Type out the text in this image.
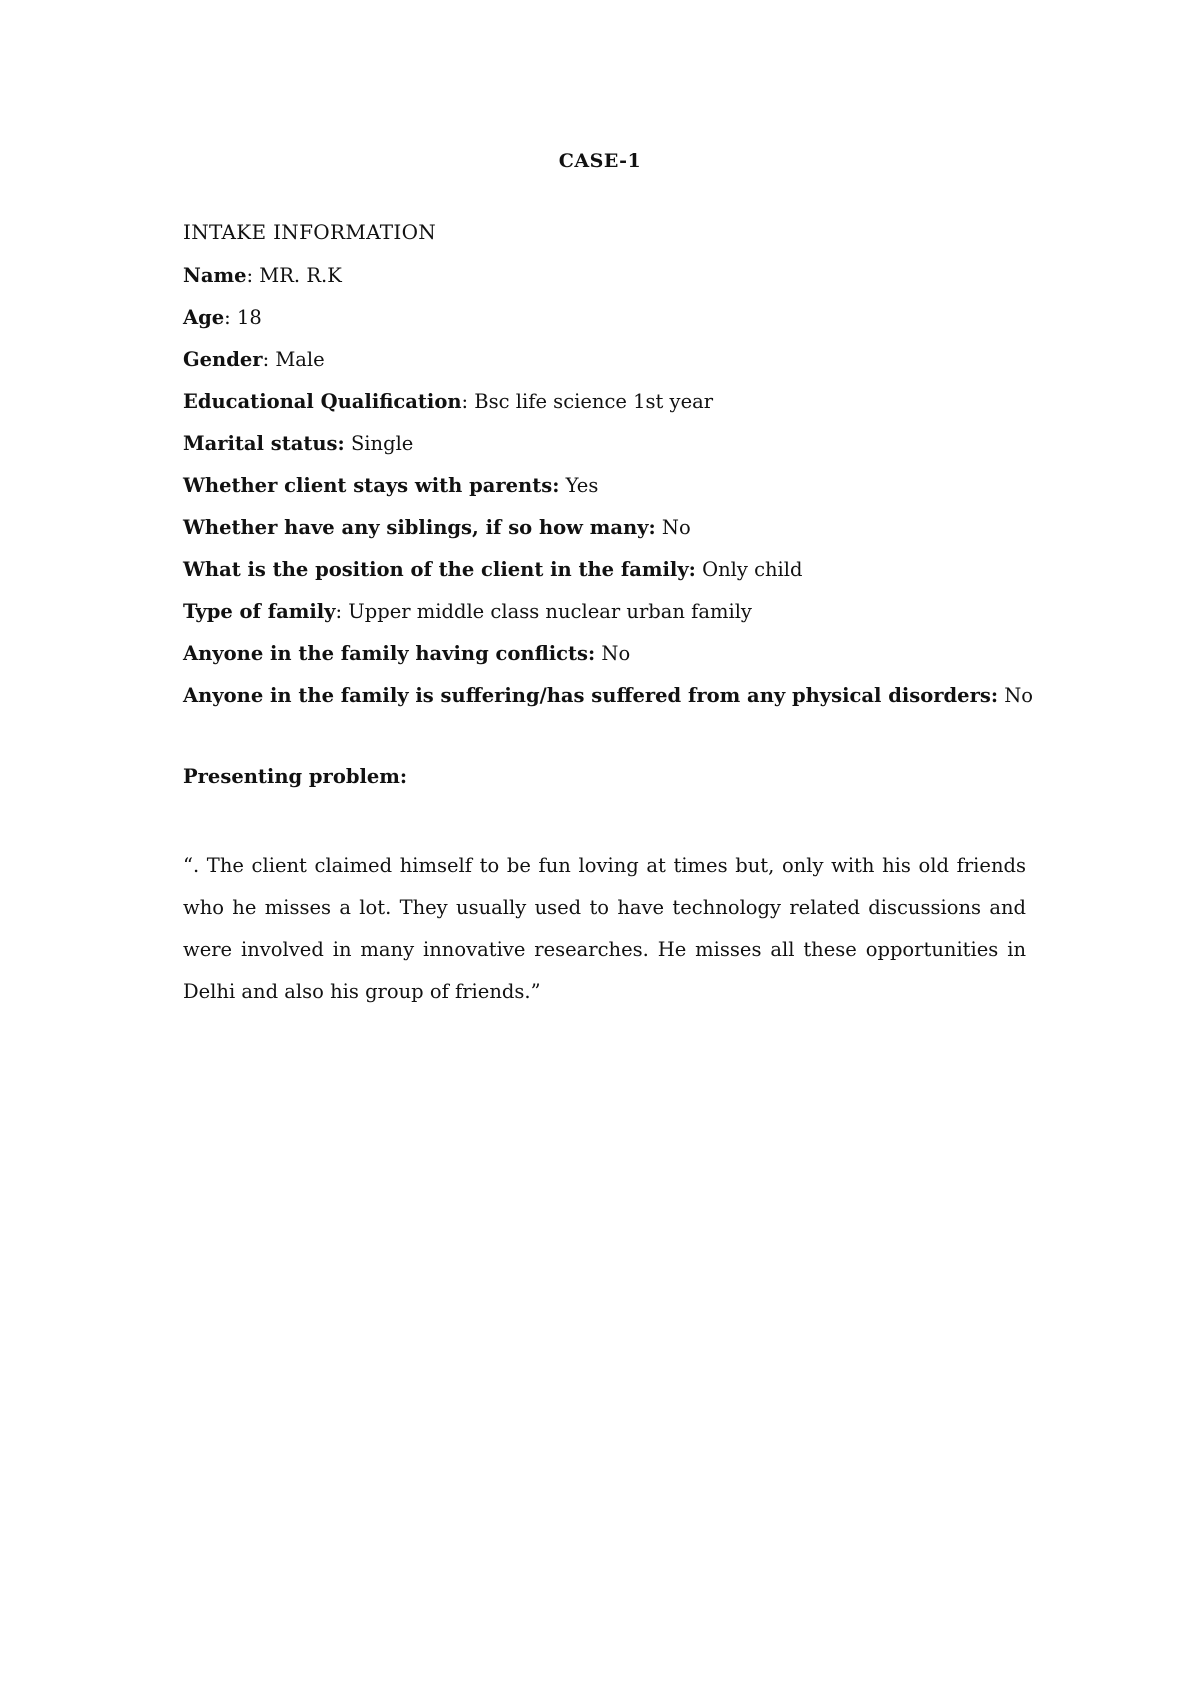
CASE-1
INTAKE INFORMATION
Name: MR. R.K
Age: 18
Gender: Male
Educational Qualification: Bsc life science 1st year
Marital status: Single
Whether client stays with parents: Yes
Whether have any siblings, if so how many: No
What is the position of the client in the family: Only child
Type of family: Upper middle class nuclear urban family
Anyone in the family having conflicts: No
Anyone in the family is suffering/has suffered from any physical disorders: No
Presenting problem:

“. The client claimed himself to be fun loving at times but, only with his old friends who he misses a lot. They usually used to have technology related discussions and were involved in many innovative researches. He misses all these opportunities in Delhi and also his group of friends.”
